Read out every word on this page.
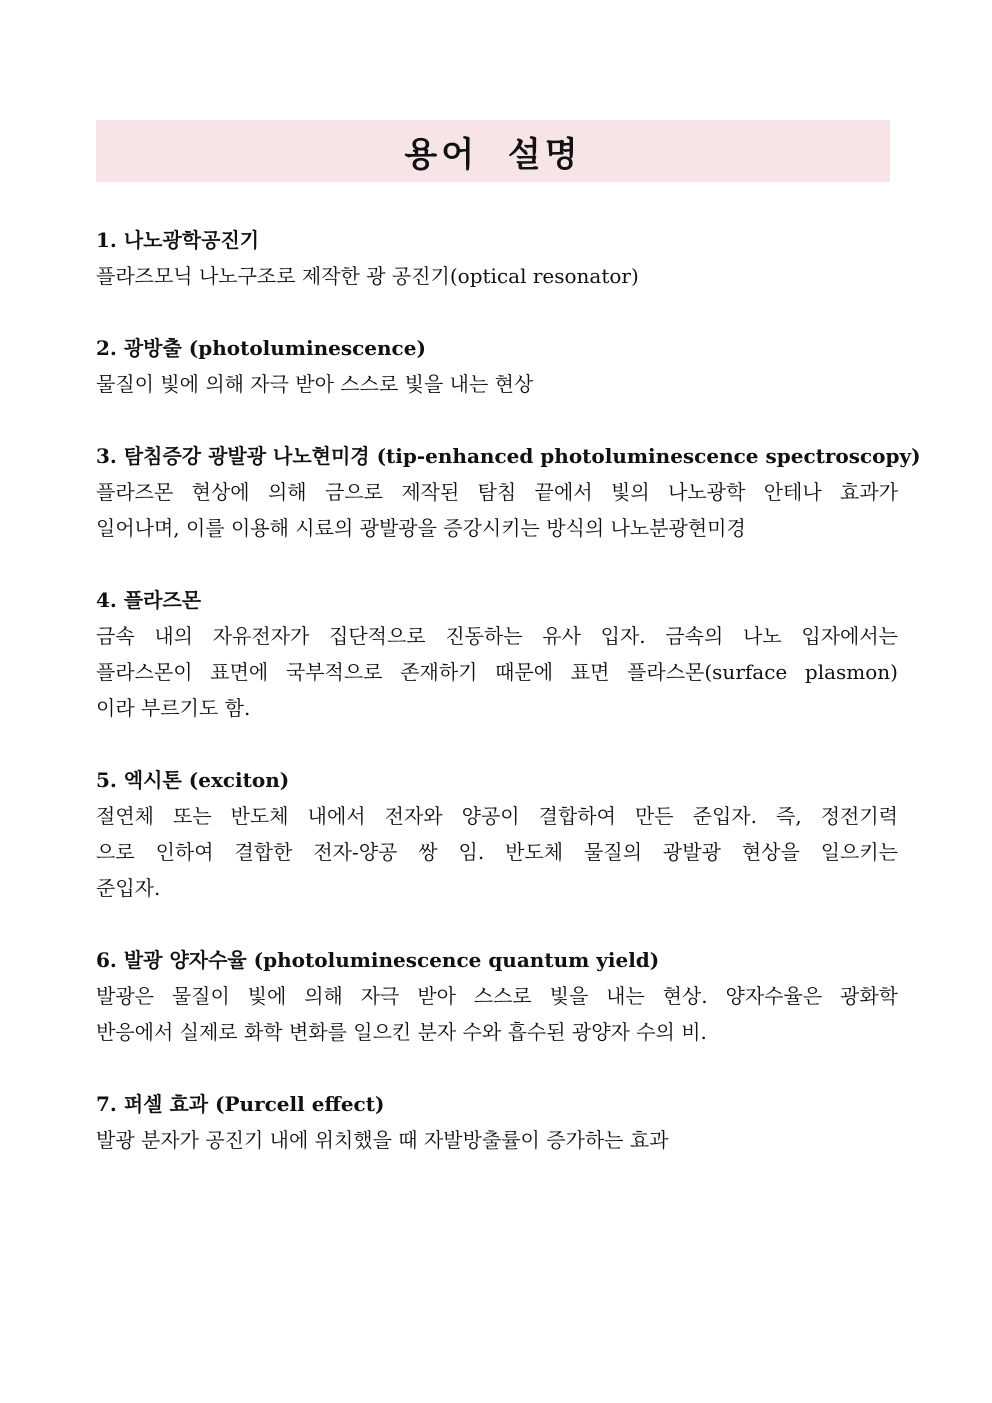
용어 설명
1. 나노광학공진기

플라즈모닉 나노구조로 제작한 광 공진기(optical resonator)

2. 광방출 (photoluminescence)

물질이 빛에 의해 자극 받아 스스로 빛을 내는 현상

3. 탐침증강 광발광 나노현미경 (tip-enhanced photoluminescence spectroscopy)

플라즈몬 현상에 의해 금으로 제작된 탐침 끝에서 빛의 나노광학 안테나 효과가

일어나며, 이를 이용해 시료의 광발광을 증강시키는 방식의 나노분광현미경

4. 플라즈몬

금속 내의 자유전자가 집단적으로 진동하는 유사 입자. 금속의 나노 입자에서는

플라스몬이 표면에 국부적으로 존재하기 때문에 표면 플라스몬(surface plasmon)

이라 부르기도 함.

5. 엑시톤 (exciton)

절연체 또는 반도체 내에서 전자와 양공이 결합하여 만든 준입자. 즉, 정전기력

으로 인하여 결합한 전자-양공 쌍 임. 반도체 물질의 광발광 현상을 일으키는

준입자.

6. 발광 양자수율 (photoluminescence quantum yield)

발광은 물질이 빛에 의해 자극 받아 스스로 빛을 내는 현상. 양자수율은 광화학

반응에서 실제로 화학 변화를 일으킨 분자 수와 흡수된 광양자 수의 비.

7. 퍼셀 효과 (Purcell effect)

발광 분자가 공진기 내에 위치했을 때 자발방출률이 증가하는 효과
